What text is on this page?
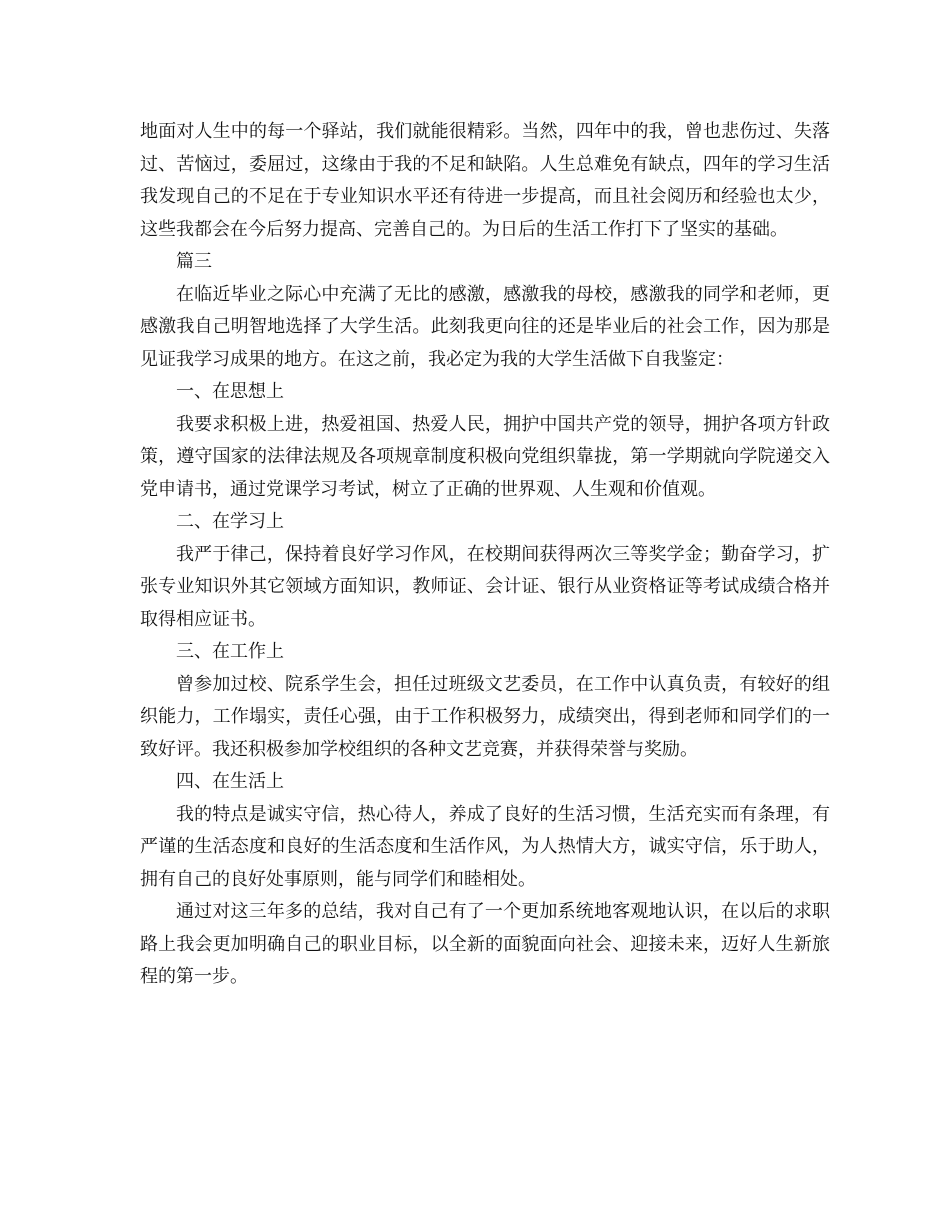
地面对人生中的每一个驿站，我们就能很精彩。当然，四年中的我，曾也悲伤过、失落过、苦恼过，委屈过，这缘由于我的不足和缺陷。人生总难免有缺点，四年的学习生活我发现自己的不足在于专业知识水平还有待进一步提高，而且社会阅历和经验也太少，这些我都会在今后努力提高、完善自己的。为日后的生活工作打下了坚实的基础。

篇三

在临近毕业之际心中充满了无比的感激，感激我的母校，感激我的同学和老师，更感激我自己明智地选择了大学生活。此刻我更向往的还是毕业后的社会工作，因为那是见证我学习成果的地方。在这之前，我必定为我的大学生活做下自我鉴定：

一、在思想上

我要求积极上进，热爱祖国、热爱人民，拥护中国共产党的领导，拥护各项方针政策，遵守国家的法律法规及各项规章制度积极向党组织靠拢，第一学期就向学院递交入党申请书，通过党课学习考试，树立了正确的世界观、人生观和价值观。

二、在学习上

我严于律己，保持着良好学习作风，在校期间获得两次三等奖学金；勤奋学习，扩张专业知识外其它领域方面知识，教师证、会计证、银行从业资格证等考试成绩合格并取得相应证书。

三、在工作上

曾参加过校、院系学生会，担任过班级文艺委员，在工作中认真负责，有较好的组织能力，工作塌实，责任心强，由于工作积极努力，成绩突出，得到老师和同学们的一致好评。我还积极参加学校组织的各种文艺竞赛，并获得荣誉与奖励。

四、在生活上

我的特点是诚实守信，热心待人，养成了良好的生活习惯，生活充实而有条理，有严谨的生活态度和良好的生活态度和生活作风，为人热情大方，诚实守信，乐于助人，拥有自己的良好处事原则，能与同学们和睦相处。

通过对这三年多的总结，我对自己有了一个更加系统地客观地认识，在以后的求职路上我会更加明确自己的职业目标，以全新的面貌面向社会、迎接未来，迈好人生新旅程的第一步。
